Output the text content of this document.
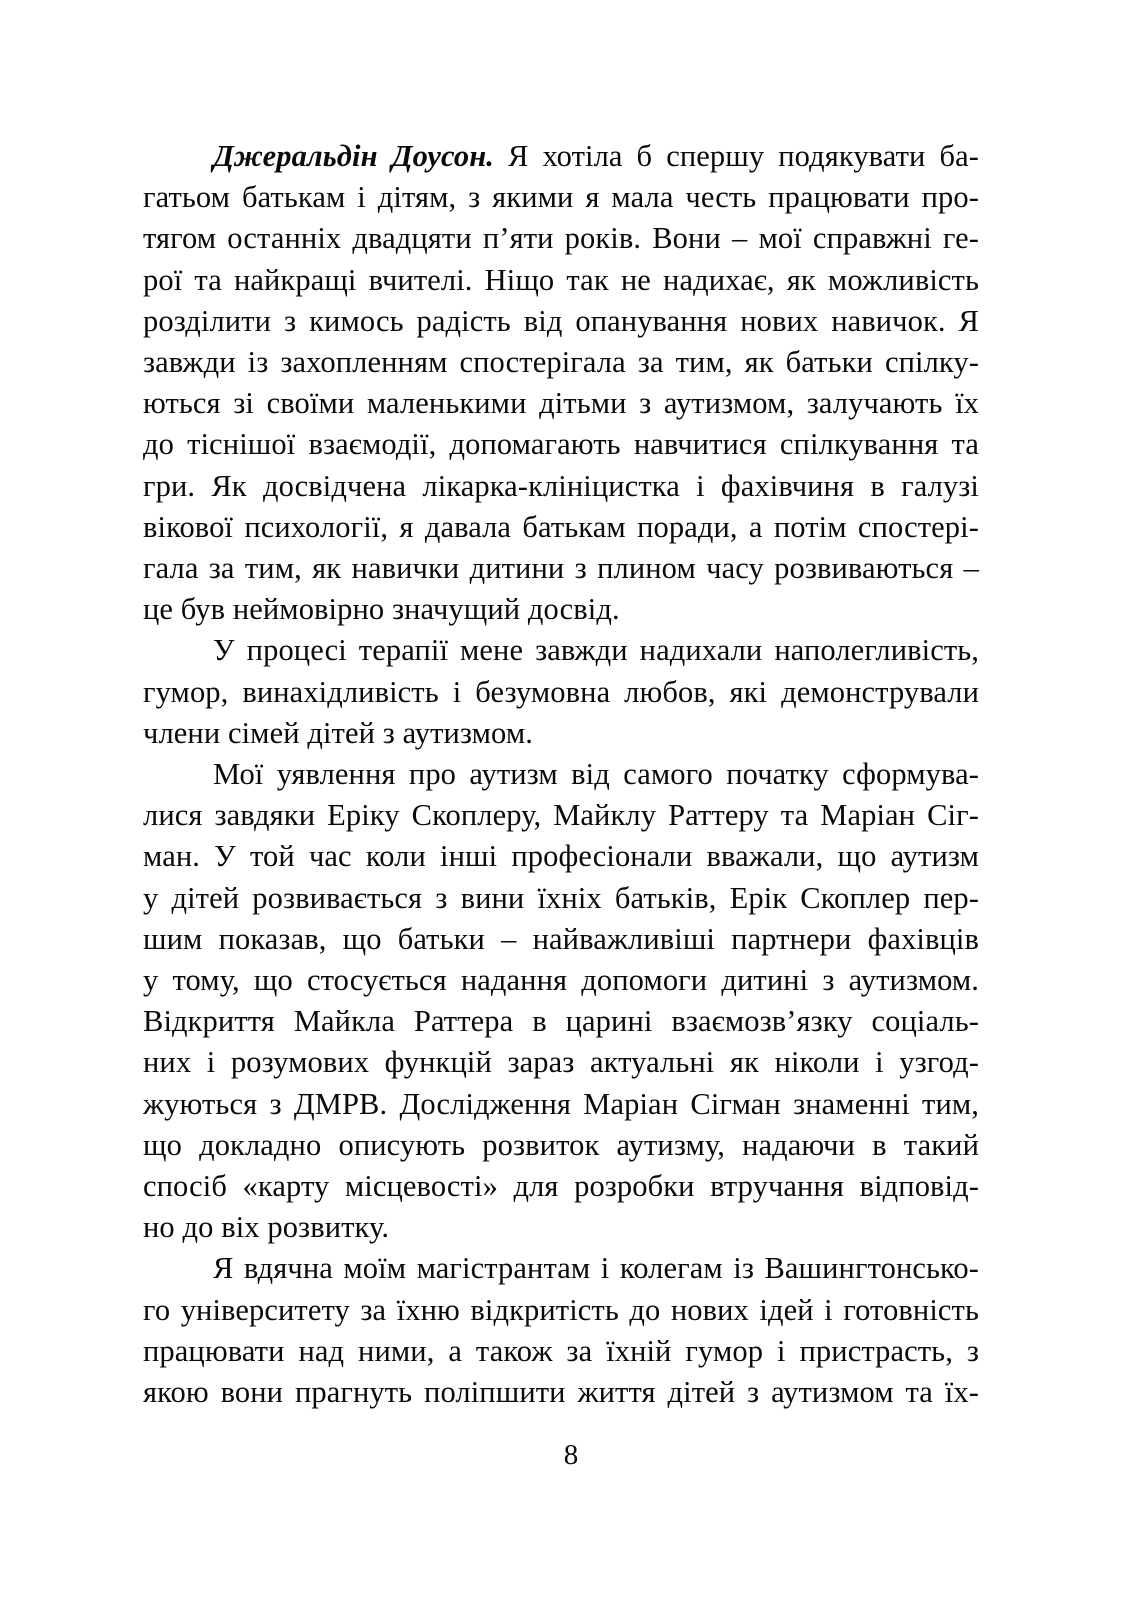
Джеральдін Доусон. Я хотіла б спершу подякувати ба-
гатьом батькам і дітям, з якими я мала честь працювати про-
тягом останніх двадцяти п’яти років. Вони – мої справжні ге-
рої та найкращі вчителі. Ніщо так не надихає, як можливість
розділити з кимось радість від опанування нових навичок. Я
завжди із захопленням спостерігала за тим, як батьки спілку-
ються зі своїми маленькими дітьми з аутизмом, залучають їх
до тіснішої взаємодії, допомагають навчитися спілкування та
гри. Як досвідчена лікарка-клініцистка і фахівчиня в галузі
вікової психології, я давала батькам поради, а потім спостері-
гала за тим, як навички дитини з плином часу розвиваються –
це був неймовірно значущий досвід.

У процесі терапії мене завжди надихали наполегливість,
гумор, винахідливість і безумовна любов, які демонстрували
члени сімей дітей з аутизмом.

Мої уявлення про аутизм від самого початку сформува-
лися завдяки Еріку Скоплеру, Майклу Раттеру та Маріан Сіг-
ман. У той час коли інші професіонали вважали, що аутизм
у дітей розвивається з вини їхніх батьків, Ерік Скоплер пер-
шим показав, що батьки – найважливіші партнери фахівців
у тому, що стосується надання допомоги дитині з аутизмом.
Відкриття Майкла Раттера в царині взаємозв’язку соціаль-
них і розумових функцій зараз актуальні як ніколи і узгод-
жуються з ДМРВ. Дослідження Маріан Сігман знаменні тим,
що докладно описують розвиток аутизму, надаючи в такий
спосіб «карту місцевості» для розробки втручання відповід-
но до віх розвитку.

Я вдячна моїм магістрантам і колегам із Вашингтонсько-
го університету за їхню відкритість до нових ідей і готовність
працювати над ними, а також за їхній гумор і пристрасть, з
якою вони прагнуть поліпшити життя дітей з аутизмом та їх-

8
